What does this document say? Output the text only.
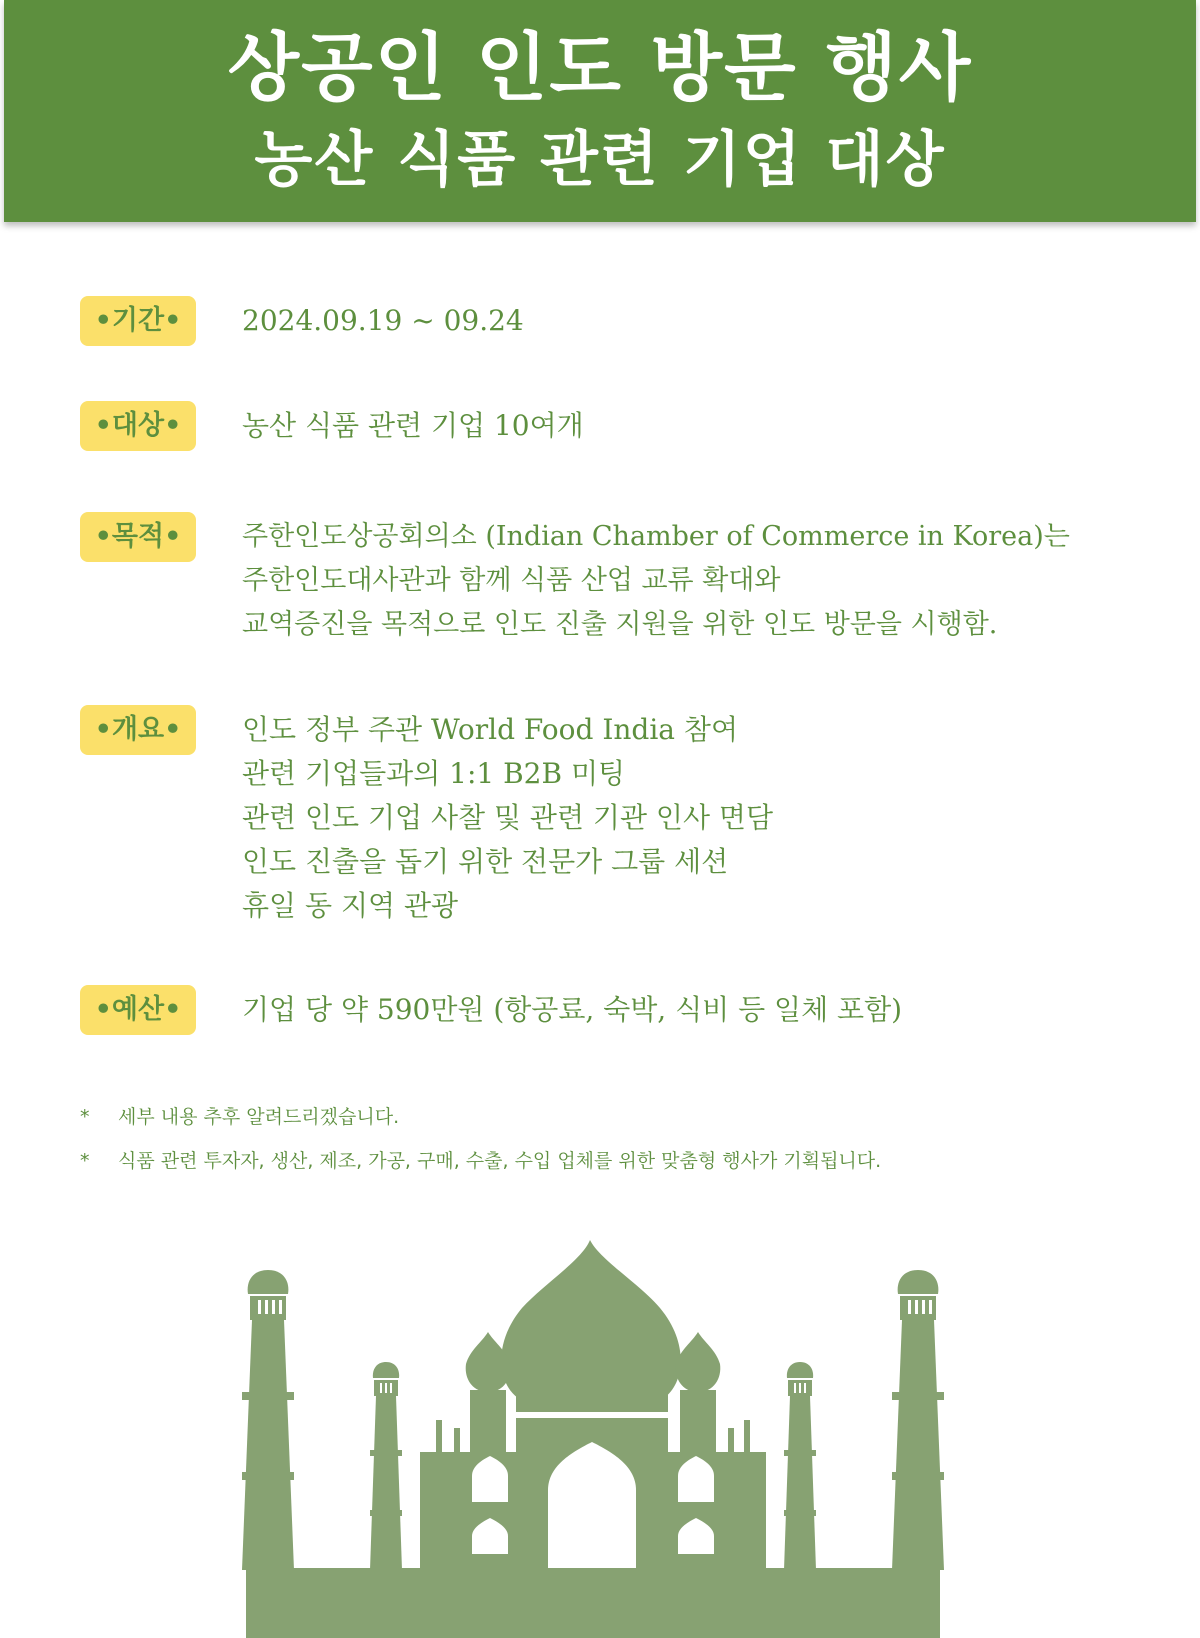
상공인 인도 방문 행사
농산 식품 관련 기업 대상
•기간•	2024.09.19 ~ 09.24
•대상•	농산 식품 관련 기업 10여개
•목적•	주한인도상공회의소 (Indian Chamber of Commerce in Korea)는
주한인도대사관과 함께 식품 산업 교류 확대와
교역증진을 목적으로 인도 진출 지원을 위한 인도 방문을 시행함.
•개요•	인도 정부 주관 World Food India 참여
관련 기업들과의 1:1 B2B 미팅
관련 인도 기업 사찰 및 관련 기관 인사 면담
인도 진출을 돕기 위한 전문가 그룹 세션
휴일 동 지역 관광
•예산•	기업 당 약 590만원 (항공료, 숙박, 식비 등 일체 포함)
* 세부 내용 추후 알려드리겠습니다.
* 식품 관련 투자자, 생산, 제조, 가공, 구매, 수출, 수입 업체를 위한 맞춤형 행사가 기획됩니다.
